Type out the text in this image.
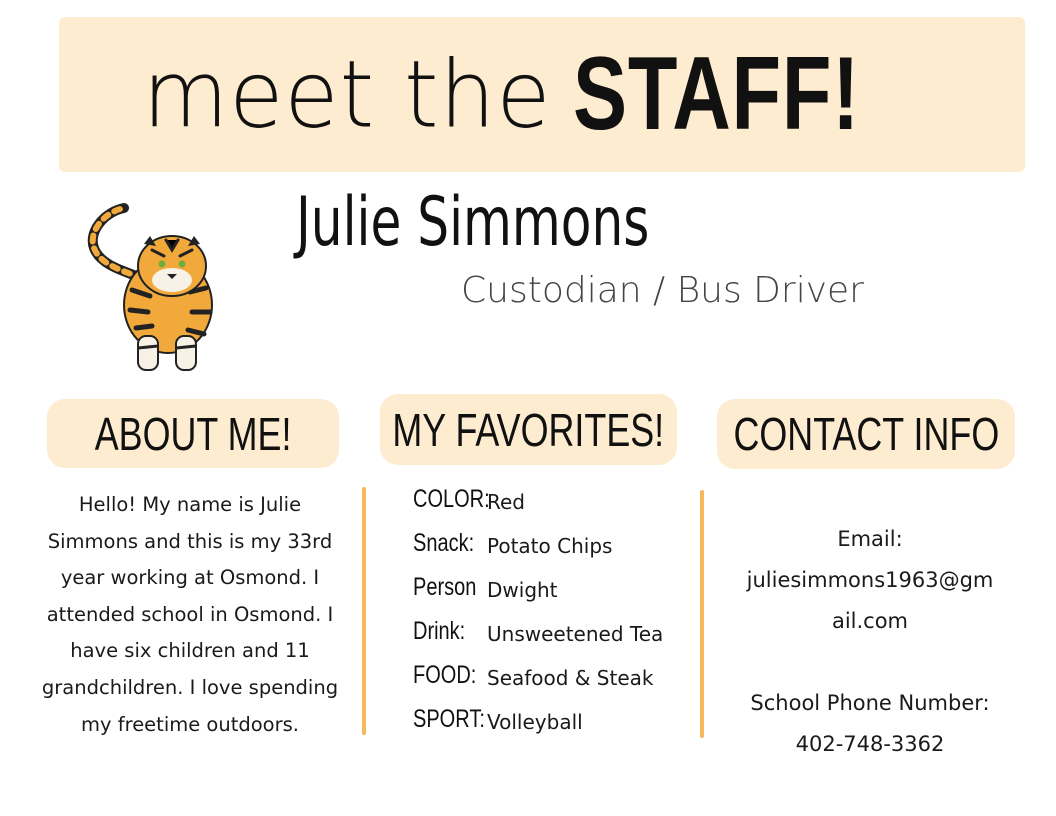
meet the STAFF!
Julie Simmons
Custodian / Bus Driver
ABOUT ME! MY FAVORITES! CONTACT INFO
Hello! My name is Julie
Simmons and this is my 33rd
year working at Osmond. I
attended school in Osmond. I
have six children and 11
grandchildren. I love spending
my freetime outdoors.
COLOR:
Red
Snack: Potato Chips
Person Dwight
Drink: Unsweetened Tea
FOOD: Seafood & Steak
SPORT: Volleyball
Email:
juliesimmons1963@gm
ail.com
School Phone Number:
402-748-3362
